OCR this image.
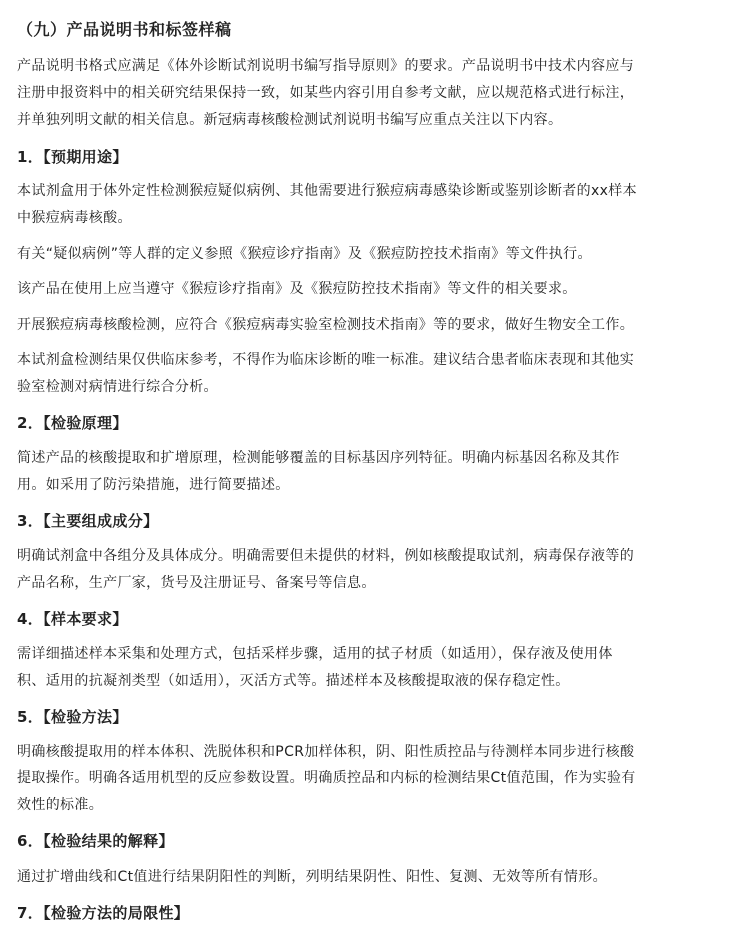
（九）产品说明书和标签样稿
产品说明书格式应满足《体外诊断试剂说明书编写指导原则》的要求。产品说明书中技术内容应与
注册申报资料中的相关研究结果保持一致，如某些内容引用自参考文献，应以规范格式进行标注，
并单独列明文献的相关信息。新冠病毒核酸检测试剂说明书编写应重点关注以下内容。
1．【预期用途】
本试剂盒用于体外定性检测猴痘疑似病例、其他需要进行猴痘病毒感染诊断或鉴别诊断者的xx样本
中猴痘病毒核酸。
有关“疑似病例”等人群的定义参照《猴痘诊疗指南》及《猴痘防控技术指南》等文件执行。
该产品在使用上应当遵守《猴痘诊疗指南》及《猴痘防控技术指南》等文件的相关要求。
开展猴痘病毒核酸检测，应符合《猴痘病毒实验室检测技术指南》等的要求，做好生物安全工作。
本试剂盒检测结果仅供临床参考，不得作为临床诊断的唯一标准。建议结合患者临床表现和其他实
验室检测对病情进行综合分析。
2．【检验原理】
简述产品的核酸提取和扩增原理，检测能够覆盖的目标基因序列特征。明确内标基因名称及其作
用。如采用了防污染措施，进行简要描述。
3．【主要组成成分】
明确试剂盒中各组分及具体成分。明确需要但未提供的材料，例如核酸提取试剂，病毒保存液等的
产品名称，生产厂家，货号及注册证号、备案号等信息。
4．【样本要求】
需详细描述样本采集和处理方式，包括采样步骤，适用的拭子材质（如适用），保存液及使用体
积、适用的抗凝剂类型（如适用），灭活方式等。描述样本及核酸提取液的保存稳定性。
5．【检验方法】
明确核酸提取用的样本体积、洗脱体积和PCR加样体积，阴、阳性质控品与待测样本同步进行核酸
提取操作。明确各适用机型的反应参数设置。明确质控品和内标的检测结果Ct值范围，作为实验有
效性的标准。
6．【检验结果的解释】
通过扩增曲线和Ct值进行结果阴阳性的判断，列明结果阴性、阳性、复测、无效等所有情形。
7．【检验方法的局限性】
